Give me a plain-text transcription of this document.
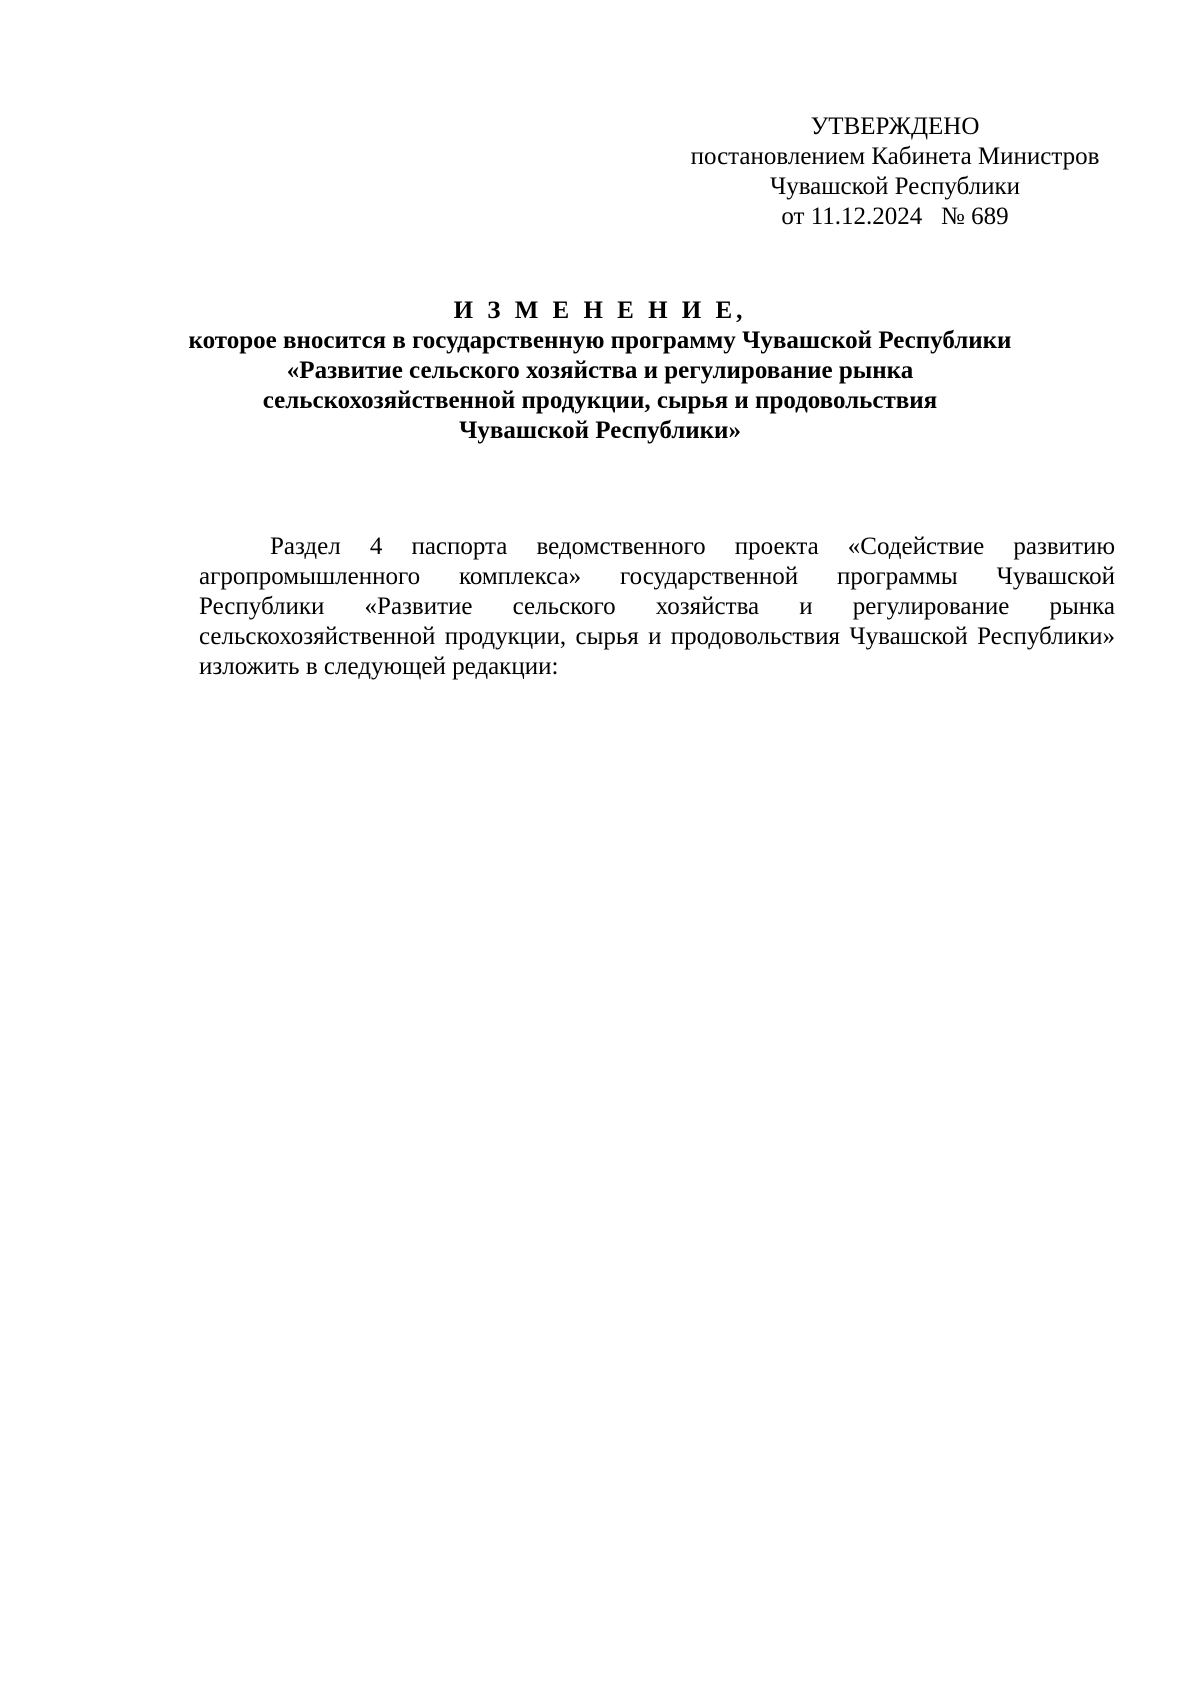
УТВЕРЖДЕНО
постановлением Кабинета Министров
Чувашской Республики
от 11.12.2024   № 689
И З М Е Н Е Н И Е,
которое вносится в государственную программу Чувашской Республики
«Развитие сельского хозяйства и регулирование рынка
сельскохозяйственной продукции, сырья и продовольствия
Чувашской Республики»

Раздел 4 паспорта ведомственного проекта «Содействие развитию агропромышленного комплекса» государственной программы Чувашской Республики «Развитие сельского хозяйства и регулирование рынка сельскохозяйственной продукции, сырья и продовольствия Чувашской Республики» изложить в следующей редакции:
